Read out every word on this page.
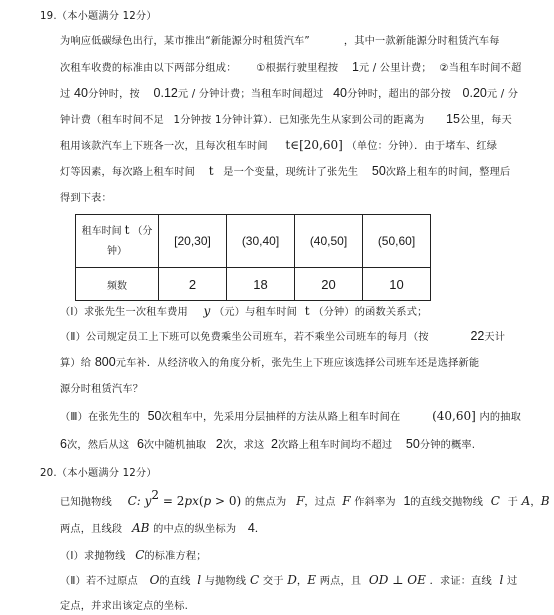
19.（本小题满分 12分）
为响应低碳绿色出行，某市推出“新能源分时租赁汽车”	，其中一款新能源分时租赁汽车每
次租车收费的标准由以下两部分组成： ①根据行驶里程按 1元 / 公里计费； ②当租车时间不超
过 40分钟时，按 0.12元 / 分钟计费；当租车时间超过 40分钟时，超出的部分按 0.20元 / 分
钟计费（租车时间不足 1分钟按 1分钟计算）．已知张先生从家到公司的距离为 15公里，每天
租用该款汽车上下班各一次，且每次租车时间 t∈[20,60] （单位：分钟）．由于堵车、红绿
灯等因素，每次路上租车时间 t 是一个变量，现统计了张先生 50次路上租车的时间，整理后
得到下表：
租车时间 t （分
钟）	[20,30]	(30,40]	(40,50]	(50,60]
频数	2	18	20	10
（Ⅰ）求张先生一次租车费用 y （元）与租车时间 t （分钟）的函数关系式；
（Ⅱ）公司规定员工上下班可以免费乘坐公司班车，若不乘坐公司班车的每月（按	22天计
算）给 800元车补．从经济收入的角度分析，张先生上下班应该选择公司班车还是选择新能
源分时租赁汽车？
（Ⅲ）在张先生的 50次租车中，先采用分层抽样的方法从路上租车时间在	(40,60] 内的抽取
6次，然后从这 6次中随机抽取 2次，求这 2次路上租车时间均不超过 50分钟的概率.
20.（本小题满分 12分）
已知抛物线 C: $y^2 = 2px(p > 0)$ 的焦点为 F，过点 F 作斜率为 1的直线交抛物线 C 于 A，B
两点，且线段 AB 的中点的纵坐标为 4．
（Ⅰ）求抛物线 C的标准方程；
（Ⅱ）若不过原点 O的直线 l 与抛物线 C 交于 D，E 两点，且 OD ⊥ OE ．求证：直线 l 过
定点，并求出该定点的坐标.
